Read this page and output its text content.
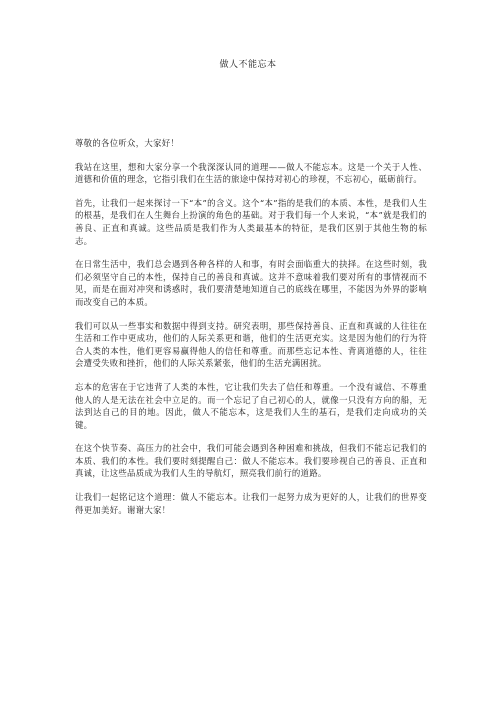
做人不能忘本

尊敬的各位听众，大家好！

我站在这里，想和大家分享一个我深深认同的道理——做人不能忘本。这是一个关于人性、道德和价值的理念，它指引我们在生活的旅途中保持对初心的珍视，不忘初心，砥砺前行。

首先，让我们一起来探讨一下“本”的含义。这个“本”指的是我们的本质、本性，是我们人生的根基，是我们在人生舞台上扮演的角色的基础。对于我们每一个人来说，“本”就是我们的善良、正直和真诚。这些品质是我们作为人类最基本的特征，是我们区别于其他生物的标志。

在日常生活中，我们总会遇到各种各样的人和事，有时会面临重大的抉择。在这些时刻，我们必须坚守自己的本性，保持自己的善良和真诚。这并不意味着我们要对所有的事情视而不见，而是在面对冲突和诱惑时，我们要清楚地知道自己的底线在哪里，不能因为外界的影响而改变自己的本质。

我们可以从一些事实和数据中得到支持。研究表明，那些保持善良、正直和真诚的人往往在生活和工作中更成功，他们的人际关系更和谐，他们的生活更充实。这是因为他们的行为符合人类的本性，他们更容易赢得他人的信任和尊重。而那些忘记本性、背离道德的人，往往会遭受失败和挫折，他们的人际关系紧张，他们的生活充满困扰。

忘本的危害在于它违背了人类的本性，它让我们失去了信任和尊重。一个没有诚信、不尊重他人的人是无法在社会中立足的。而一个忘记了自己初心的人，就像一只没有方向的船，无法到达自己的目的地。因此，做人不能忘本，这是我们人生的基石，是我们走向成功的关键。

在这个快节奏、高压力的社会中，我们可能会遇到各种困难和挑战，但我们不能忘记我们的本质、我们的本性。我们要时刻提醒自己：做人不能忘本。我们要珍视自己的善良、正直和真诚，让这些品质成为我们人生的导航灯，照亮我们前行的道路。

让我们一起铭记这个道理：做人不能忘本。让我们一起努力成为更好的人，让我们的世界变得更加美好。谢谢大家！
